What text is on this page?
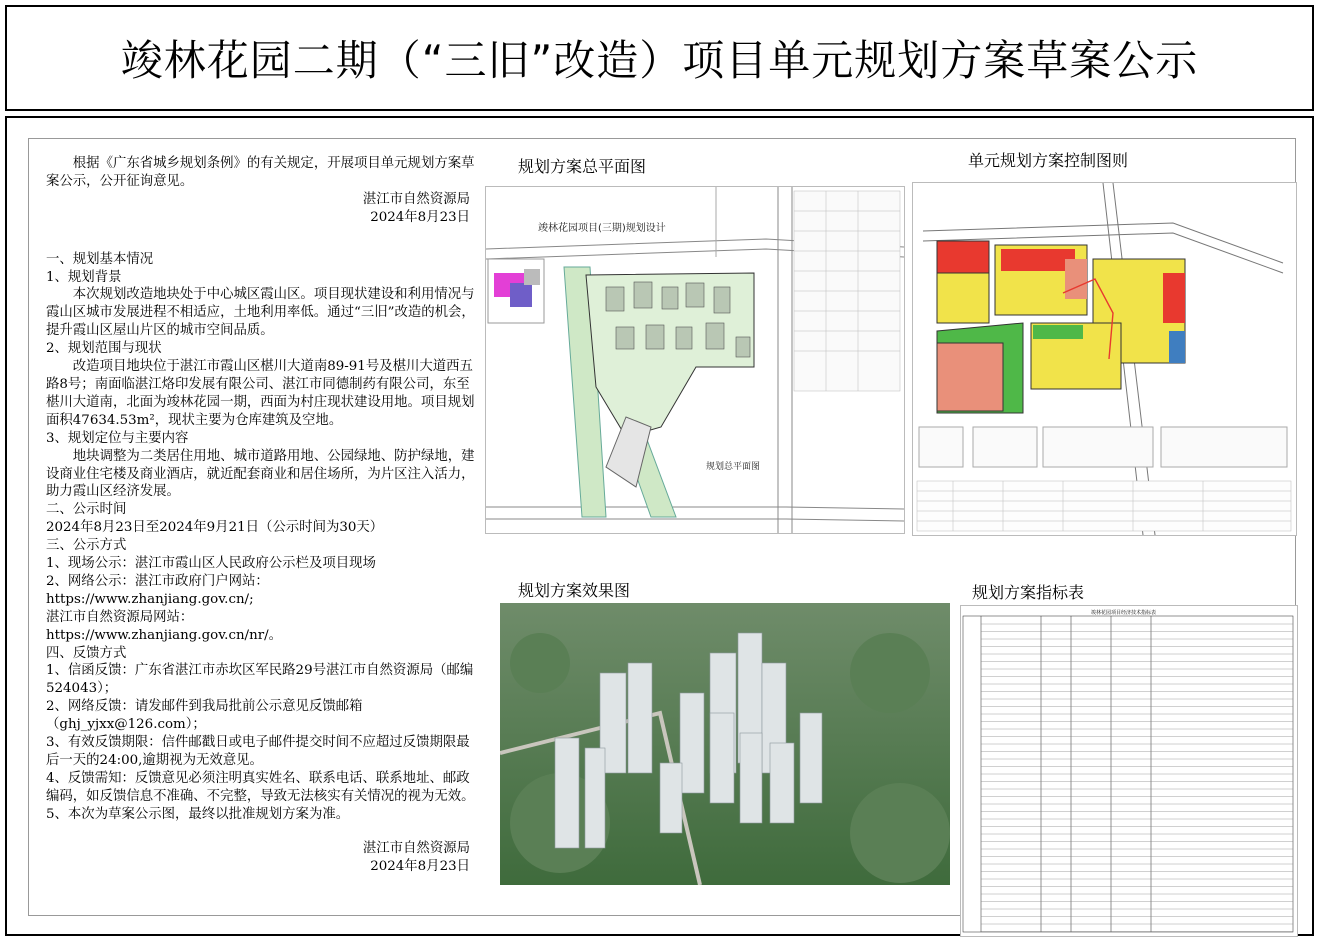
竣林花园二期（“三旧”改造）项目单元规划方案草案公示

根据《广东省城乡规划条例》的有关规定，开展项目单元规划方案草案公示，公开征询意见。

湛江市自然资源局

2024年8月23日

一、规划基本情况

1、规划背景

本次规划改造地块处于中心城区霞山区。项目现状建设和利用情况与霞山区城市发展进程不相适应，土地利用率低。通过“三旧”改造的机会，提升霞山区屋山片区的城市空间品质。

2、规划范围与现状

改造项目地块位于湛江市霞山区椹川大道南89-91号及椹川大道西五路8号；南面临湛江烙印发展有限公司、湛江市同德制药有限公司，东至椹川大道南，北面为竣林花园一期，西面为村庄现状建设用地。项目规划面积47634.53m²，现状主要为仓库建筑及空地。

3、规划定位与主要内容

地块调整为二类居住用地、城市道路用地、公园绿地、防护绿地，建设商业住宅楼及商业酒店，就近配套商业和居住场所，为片区注入活力，助力霞山区经济发展。

二、公示时间

2024年8月23日至2024年9月21日（公示时间为30天）

三、公示方式

1、现场公示：湛江市霞山区人民政府公示栏及项目现场

2、网络公示：湛江市政府门户网站：

https://www.zhanjiang.gov.cn/;

湛江市自然资源局网站：

https://www.zhanjiang.gov.cn/nr/。

四、反馈方式

1、信函反馈：广东省湛江市赤坎区军民路29号湛江市自然资源局（邮编524043）；

2、网络反馈：请发邮件到我局批前公示意见反馈邮箱（ghj_yjxx@126.com）；

3、有效反馈期限：信件邮戳日或电子邮件提交时间不应超过反馈期限最后一天的24:00,逾期视为无效意见。

4、反馈需知：反馈意见必须注明真实姓名、联系电话、联系地址、邮政编码，如反馈信息不准确、不完整，导致无法核实有关情况的视为无效。

5、本次为草案公示图，最终以批准规划方案为准。

湛江市自然资源局

2024年8月23日

规划方案总平面图	单元规划方案控制图则
规划方案效果图	规划方案指标表
竣林花园项目(三期)规划设计
规划总平面图
竣林花园项目经济技术指标表
